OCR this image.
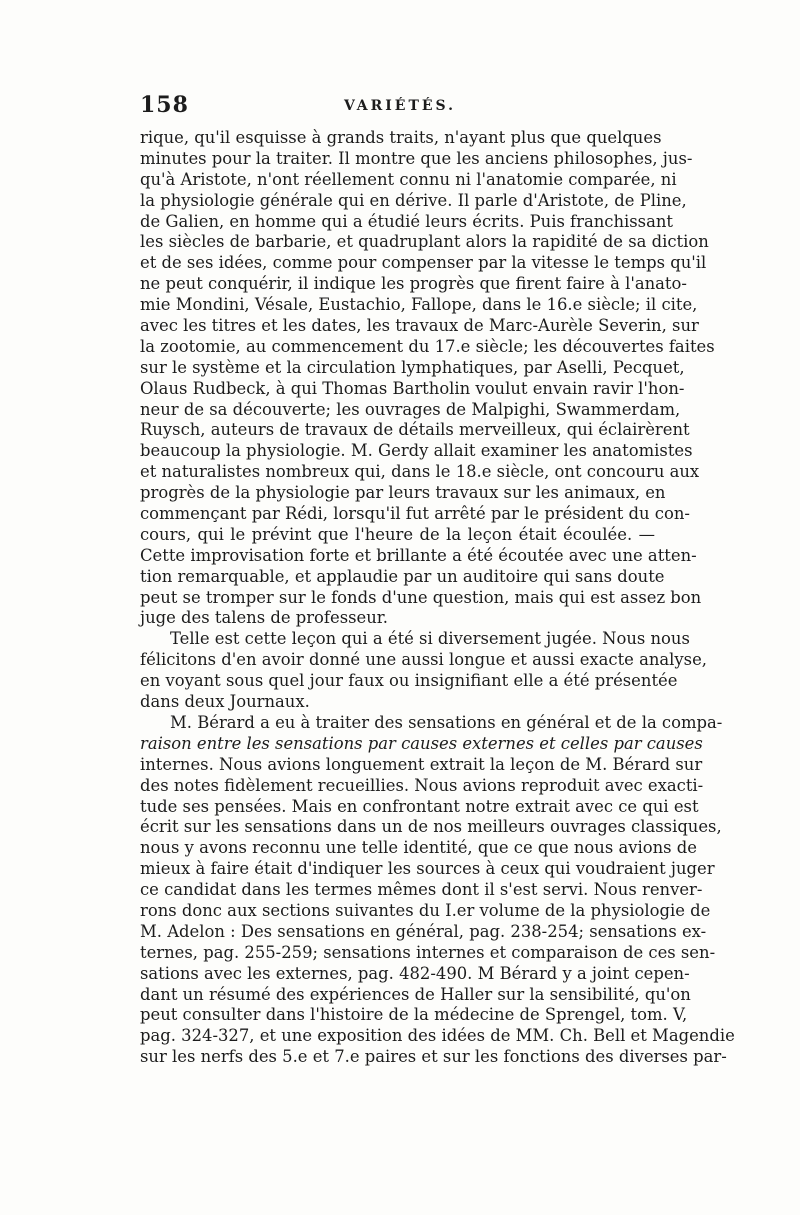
158	VARIÉTÉS.
rique, qu'il esquisse à grands traits, n'ayant plus que quelques
minutes pour la traiter. Il montre que les anciens philosophes, jus-
qu'à Aristote, n'ont réellement connu ni l'anatomie comparée, ni
la physiologie générale qui en dérive. Il parle d'Aristote, de Pline,
de Galien, en homme qui a étudié leurs écrits. Puis franchissant
les siècles de barbarie, et quadruplant alors la rapidité de sa diction
et de ses idées, comme pour compenser par la vitesse le temps qu'il
ne peut conquérir, il indique les progrès que firent faire à l'anato-
mie Mondini, Vésale, Eustachio, Fallope, dans le 16.e siècle; il cite,
avec les titres et les dates, les travaux de Marc-Aurèle Severin, sur
la zootomie, au commencement du 17.e siècle; les découvertes faites
sur le système et la circulation lymphatiques, par Aselli, Pecquet,
Olaus Rudbeck, à qui Thomas Bartholin voulut envain ravir l'hon-
neur de sa découverte; les ouvrages de Malpighi, Swammerdam,
Ruysch, auteurs de travaux de détails merveilleux, qui éclairèrent
beaucoup la physiologie. M. Gerdy allait examiner les anatomistes
et naturalistes nombreux qui, dans le 18.e siècle, ont concouru aux
progrès de la physiologie par leurs travaux sur les animaux, en
commençant par Rédi, lorsqu'il fut arrêté par le président du con-
cours, qui le prévint que l'heure de la leçon était écoulée. —
Cette improvisation forte et brillante a été écoutée avec une atten-
tion remarquable, et applaudie par un auditoire qui sans doute
peut se tromper sur le fonds d'une question, mais qui est assez bon
juge des talens de professeur.
Telle est cette leçon qui a été si diversement jugée. Nous nous
félicitons d'en avoir donné une aussi longue et aussi exacte analyse,
en voyant sous quel jour faux ou insignifiant elle a été présentée
dans deux Journaux.
M. Bérard a eu à traiter des sensations en général et de la compa-
raison entre les sensations par causes externes et celles par causes
internes. Nous avions longuement extrait la leçon de M. Bérard sur
des notes fidèlement recueillies. Nous avions reproduit avec exacti-
tude ses pensées. Mais en confrontant notre extrait avec ce qui est
écrit sur les sensations dans un de nos meilleurs ouvrages classiques,
nous y avons reconnu une telle identité, que ce que nous avions de
mieux à faire était d'indiquer les sources à ceux qui voudraient juger
ce candidat dans les termes mêmes dont il s'est servi. Nous renver-
rons donc aux sections suivantes du I.er volume de la physiologie de
M. Adelon : Des sensations en général, pag. 238-254; sensations ex-
ternes, pag. 255-259; sensations internes et comparaison de ces sen-
sations avec les externes, pag. 482-490. M Bérard y a joint cepen-
dant un résumé des expériences de Haller sur la sensibilité, qu'on
peut consulter dans l'histoire de la médecine de Sprengel, tom. V,
pag. 324-327, et une exposition des idées de MM. Ch. Bell et Magendie
sur les nerfs des 5.e et 7.e paires et sur les fonctions des diverses par-
